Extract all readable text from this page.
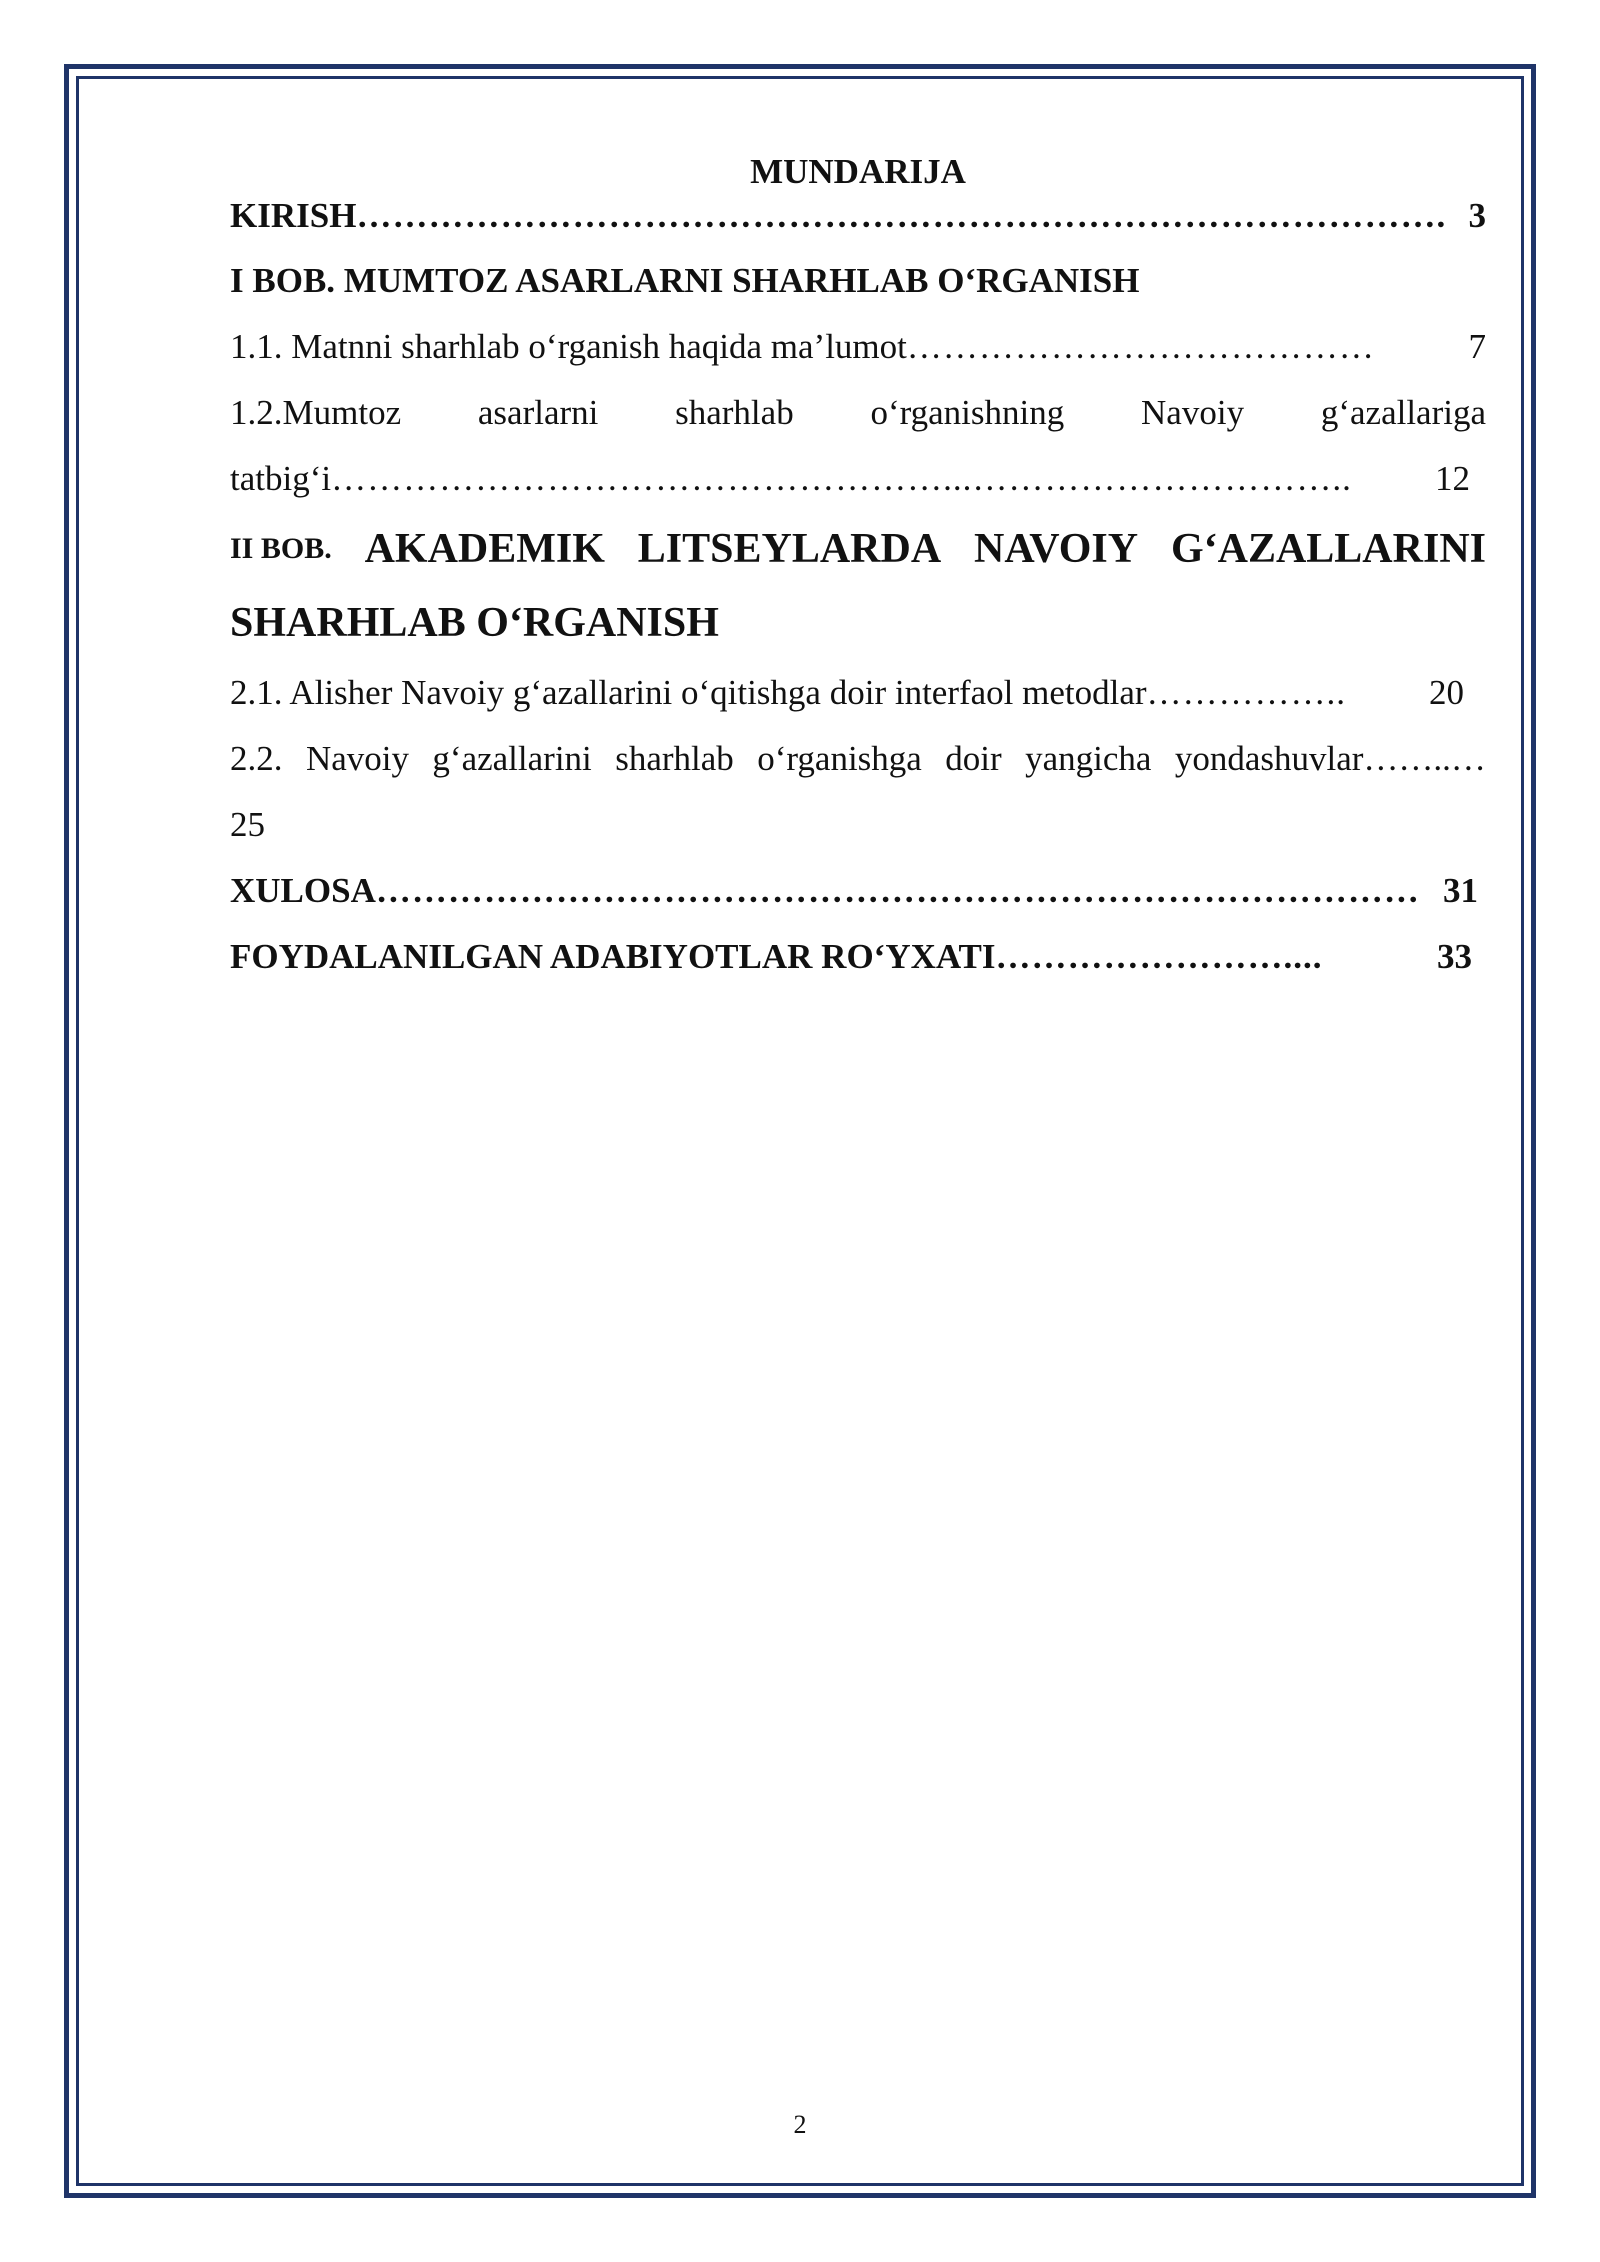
MUNDARIJA

KIRISH ………………………………………………………………………………. 3

I BOB. MUMTOZ ASARLARNI SHARHLAB O‘RGANISH

1.1. Matnni sharhlab o‘rganish haqida ma’lumot …………………………………	7
1.2.Mumtoz asarlarni sharhlab o‘rganishning Navoiy g‘azallariga
tatbig‘i ……………………………………………...…………………………..	12
II BOB. AKADEMIK LITSEYLARDA NAVOIY G‘AZALLARINI
SHARHLAB O‘RGANISH
2.1. Alisher Navoiy g‘azallarini o‘qitishga doir interfaol metodlar ……………..	20
2.2. Navoiy g‘azallarini sharhlab o‘rganishga doir yangicha yondashuvlar……..…
25
XULOSA …………………………………………………………………………… 31
FOYDALANILGAN ADABIYOTLAR RO‘YXATI ……………………....	33
2
